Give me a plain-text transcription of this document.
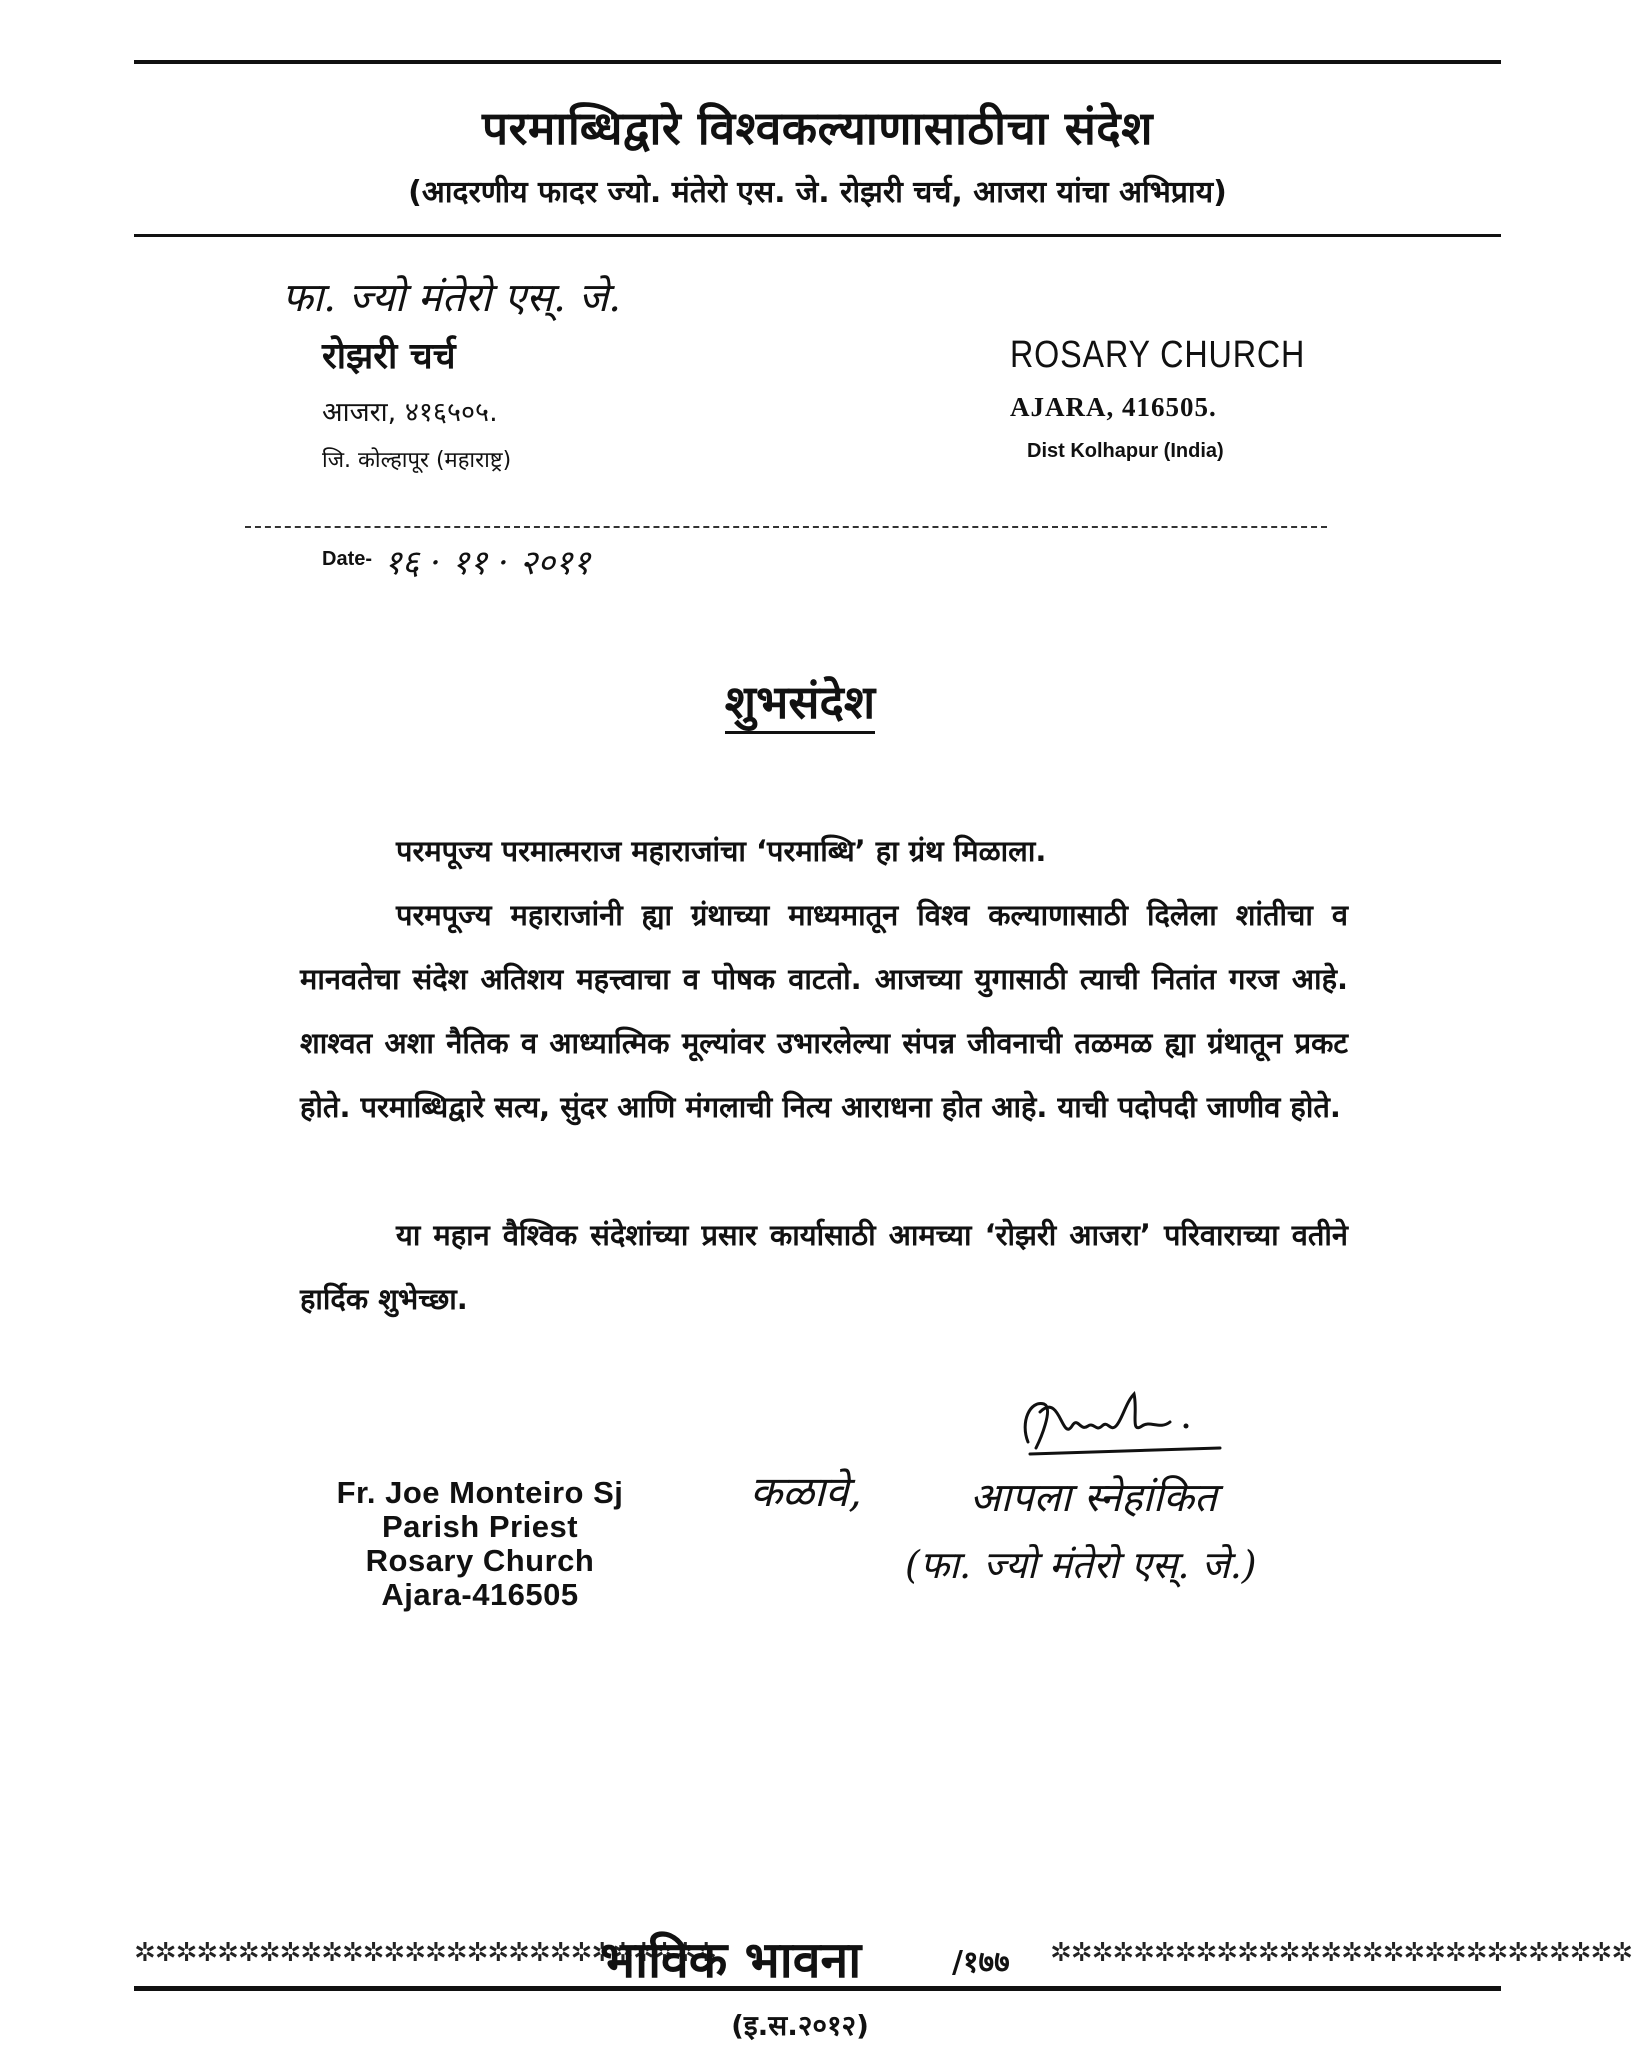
परमाब्धिद्वारे विश्वकल्याणासाठीचा संदेश
(आदरणीय फादर ज्यो. मंतेरो एस. जे. रोझरी चर्च, आजरा यांचा अभिप्राय)
फा. ज्यो मंतेरो एस्. जे.
रोझरी चर्च
आजरा, ४१६५०५.
जि. कोल्हापूर (महाराष्ट्र)
ROSARY CHURCH
AJARA, 416505.
Dist Kolhapur (India)
Date- १६ · ११ · २०११
शुभसंदेश

परमपूज्य परमात्मराज महाराजांचा ‘परमाब्धि’ हा ग्रंथ मिळाला.

परमपूज्य महाराजांनी ह्या ग्रंथाच्या माध्यमातून विश्व कल्याणासाठी दिलेला शांतीचा व मानवतेचा संदेश अतिशय महत्त्वाचा व पोषक वाटतो. आजच्या युगासाठी त्याची नितांत गरज आहे. शाश्वत अशा नैतिक व आध्यात्मिक मूल्यांवर उभारलेल्या संपन्न जीवनाची तळमळ ह्या ग्रंथातून प्रकट होते. परमाब्धिद्वारे सत्य, सुंदर आणि मंगलाची नित्य आराधना होत आहे. याची पदोपदी जाणीव होते.

या महान वैश्विक संदेशांच्या प्रसार कार्यासाठी आमच्या ‘रोझरी आजरा’ परिवाराच्या वतीने हार्दिक शुभेच्छा.

Fr. Joe Monteiro Sj
Parish Priest
Rosary Church
Ajara-416505
कळावे,	आपला स्नेहांकित
(फा. ज्यो मंतेरो एस्. जे.)
✲✲✲✲✲✲✲✲✲✲✲✲✲✲✲✲✲✲✲✲✲✲✲✲✲✲✲✲	✲✲✲✲✲✲✲✲✲✲✲✲✲✲✲✲✲✲✲✲✲✲✲✲✲✲✲✲
भाविक भावना	/१७७
(इ.स.२०१२)
